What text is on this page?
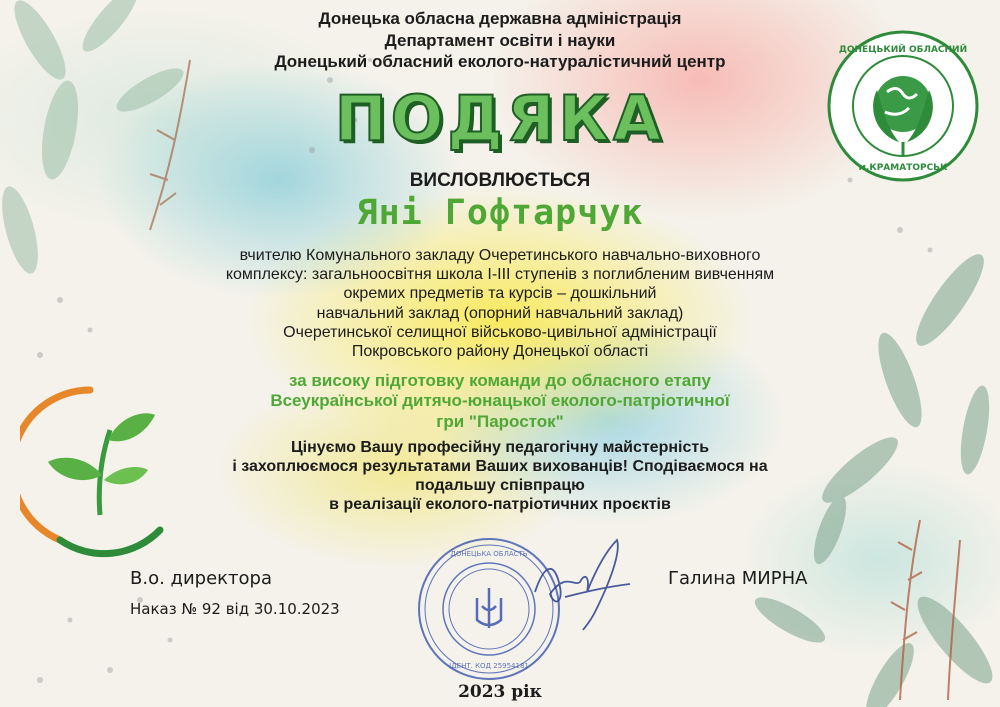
ДОНЕЦЬКИЙ ОБЛАСНИЙ
м.КРАМАТОРСЬК
ДОНЕЦЬКА ОБЛАСТЬ
ІДЕНТ. КОД 25954181

Донецька обласна державна адміністрація

Департамент освіти і науки

Донецький обласний еколого-натуралістичний центр

ПОДЯКА

ВИСЛОВЛЮЄТЬСЯ

Яні Гофтарчук

вчителю Комунального закладу Очеретинського навчально-виховного

комплексу: загальноосвітня школа І-ІІІ ступенів з поглибленим вивченням

окремих предметів та курсів – дошкільний

навчальний заклад (опорний навчальний заклад)

Очеретинської селищної військово-цивільної адміністрації

Покровського району Донецької області

за високу підготовку команди до обласного етапу

Всеукраїнської дитячо-юнацької еколого-патріотичної

гри "Паросток"

Цінуємо Вашу професійну педагогічну майстерність

і захоплюємося результатами Ваших вихованців! Сподіваємося на

подальшу співпрацю

в реалізації еколого-патріотичних проєктів

В.о. директора	Галина МИРНА

Наказ № 92 від 30.10.2023

2023 рік
